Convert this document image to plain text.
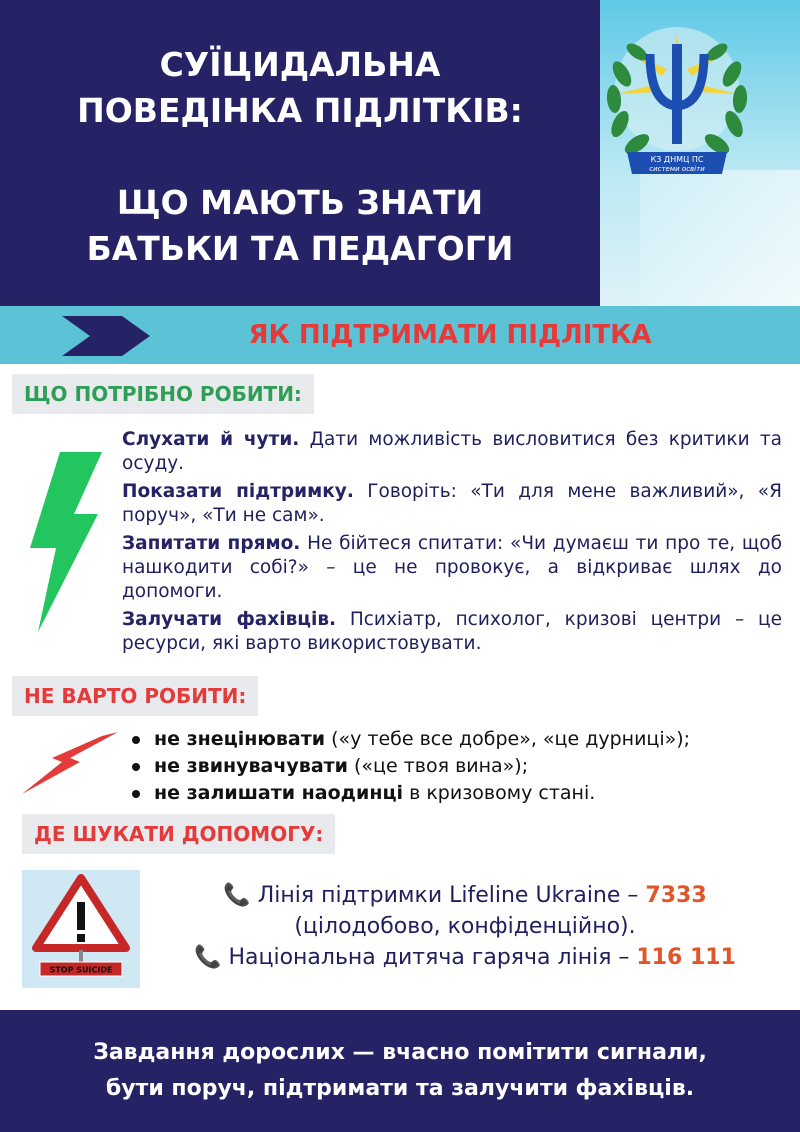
СУЇЦИДАЛЬНА
ПОВЕДІНКА ПІДЛІТКІВ:
ЩО МАЮТЬ ЗНАТИ
БАТЬКИ ТА ПЕДАГОГИ
КЗ ДНМЦ ПС
системи освіти
ЯК ПІДТРИМАТИ ПІДЛІТКА
ЩО ПОТРІБНО РОБИТИ:

Слухати й чути. Дати можливість висловитися без критики та осуду.

Показати підтримку. Говоріть: «Ти для мене важливий», «Я поруч», «Ти не сам».

Запитати прямо. Не бійтеся спитати: «Чи думаєш ти про те, щоб нашкодити собі?» – це не провокує, а відкриває шлях до допомоги.

Залучати фахівців. Психіатр, психолог, кризові центри – це ресурси, які варто використовувати.

НЕ ВАРТО РОБИТИ:
не знецінювати («у тебе все добре», «це дурниці»);
не звинувачувати («це твоя вина»);
не залишати наодинці в кризовому стані.
ДЕ ШУКАТИ ДОПОМОГУ:
STOP SUICIDE
📞 Лінія підтримки Lifeline Ukraine – 7333
(цілодобово, конфіденційно).
📞 Національна дитяча гаряча лінія – 116 111
Завдання дорослих — вчасно помітити сигнали,
бути поруч, підтримати та залучити фахівців.
